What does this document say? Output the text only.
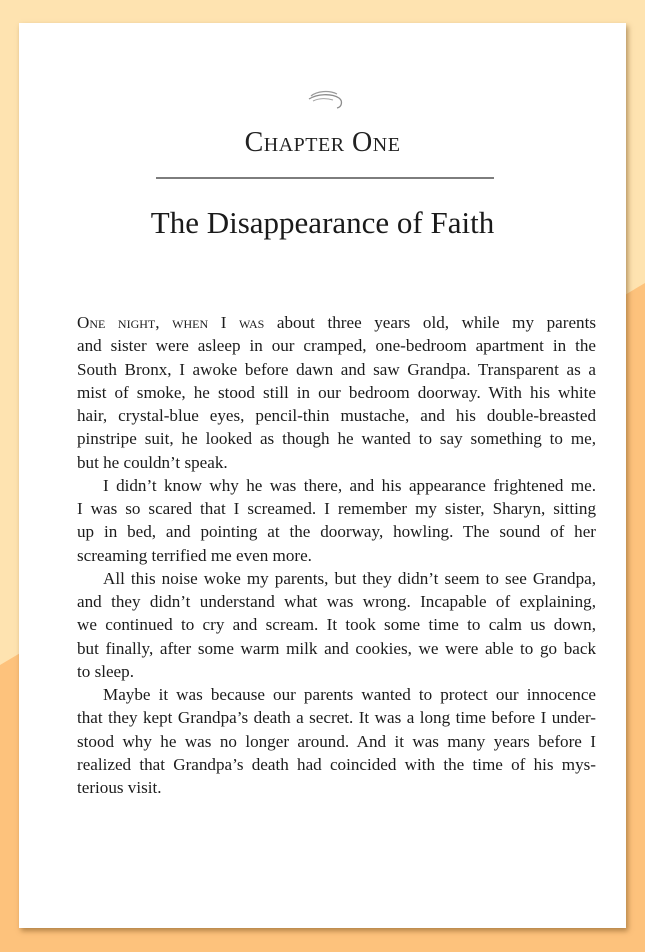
Chapter One
The Disappearance of Faith

One night, when I was about three years old, while my parents
and sister were asleep in our cramped, one-bedroom apartment in the
South Bronx, I awoke before dawn and saw Grandpa. Transparent as a
mist of smoke, he stood still in our bedroom doorway. With his white
hair, crystal-blue eyes, pencil-thin mustache, and his double-breasted
pinstripe suit, he looked as though he wanted to say something to me,
but he couldn’t speak.

I didn’t know why he was there, and his appearance frightened me.
I was so scared that I screamed. I remember my sister, Sharyn, sitting
up in bed, and pointing at the doorway, howling. The sound of her
screaming terrified me even more.

All this noise woke my parents, but they didn’t seem to see Grandpa,
and they didn’t understand what was wrong. Incapable of explaining,
we continued to cry and scream. It took some time to calm us down,
but finally, after some warm milk and cookies, we were able to go back
to sleep.

Maybe it was because our parents wanted to protect our innocence
that they kept Grandpa’s death a secret. It was a long time before I under-
stood why he was no longer around. And it was many years before I
realized that Grandpa’s death had coincided with the time of his mys-
terious visit.
